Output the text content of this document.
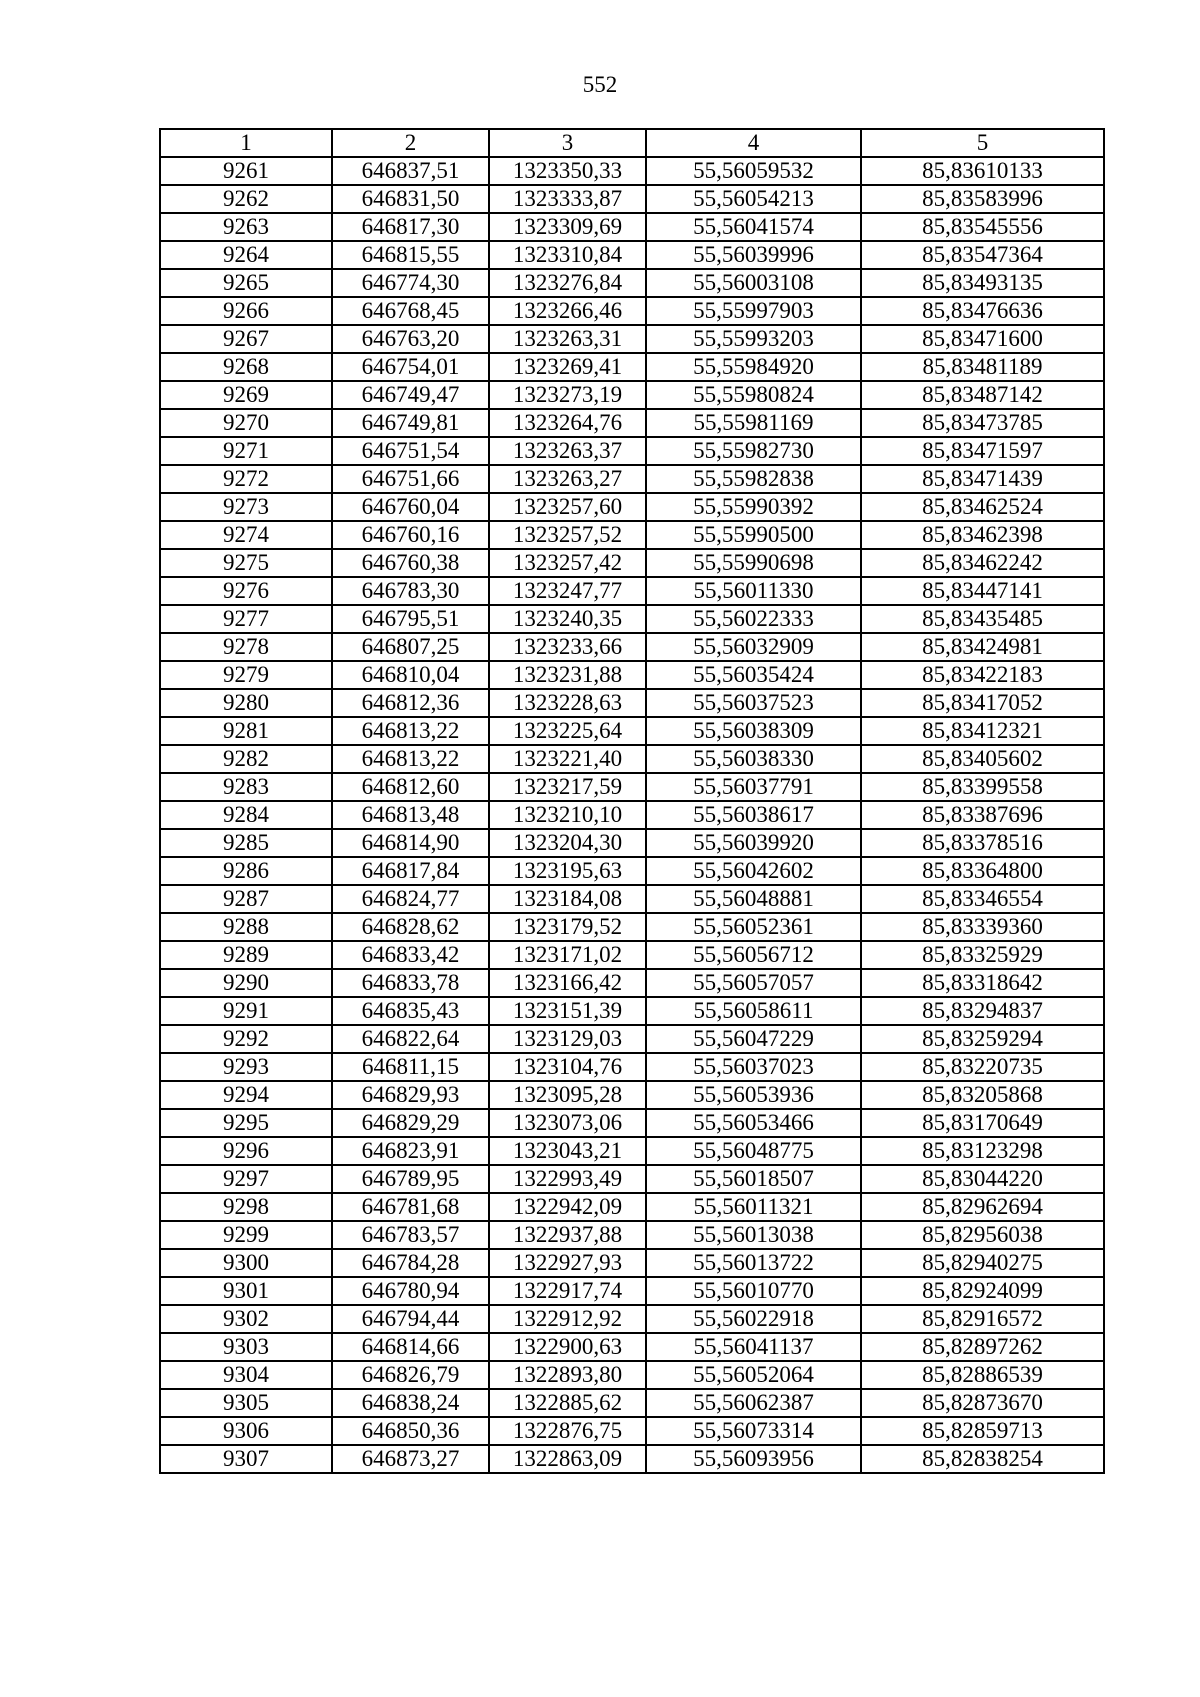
552
1	2	3	4	5
9261	646837,51	1323350,33	55,56059532	85,83610133
9262	646831,50	1323333,87	55,56054213	85,83583996
9263	646817,30	1323309,69	55,56041574	85,83545556
9264	646815,55	1323310,84	55,56039996	85,83547364
9265	646774,30	1323276,84	55,56003108	85,83493135
9266	646768,45	1323266,46	55,55997903	85,83476636
9267	646763,20	1323263,31	55,55993203	85,83471600
9268	646754,01	1323269,41	55,55984920	85,83481189
9269	646749,47	1323273,19	55,55980824	85,83487142
9270	646749,81	1323264,76	55,55981169	85,83473785
9271	646751,54	1323263,37	55,55982730	85,83471597
9272	646751,66	1323263,27	55,55982838	85,83471439
9273	646760,04	1323257,60	55,55990392	85,83462524
9274	646760,16	1323257,52	55,55990500	85,83462398
9275	646760,38	1323257,42	55,55990698	85,83462242
9276	646783,30	1323247,77	55,56011330	85,83447141
9277	646795,51	1323240,35	55,56022333	85,83435485
9278	646807,25	1323233,66	55,56032909	85,83424981
9279	646810,04	1323231,88	55,56035424	85,83422183
9280	646812,36	1323228,63	55,56037523	85,83417052
9281	646813,22	1323225,64	55,56038309	85,83412321
9282	646813,22	1323221,40	55,56038330	85,83405602
9283	646812,60	1323217,59	55,56037791	85,83399558
9284	646813,48	1323210,10	55,56038617	85,83387696
9285	646814,90	1323204,30	55,56039920	85,83378516
9286	646817,84	1323195,63	55,56042602	85,83364800
9287	646824,77	1323184,08	55,56048881	85,83346554
9288	646828,62	1323179,52	55,56052361	85,83339360
9289	646833,42	1323171,02	55,56056712	85,83325929
9290	646833,78	1323166,42	55,56057057	85,83318642
9291	646835,43	1323151,39	55,56058611	85,83294837
9292	646822,64	1323129,03	55,56047229	85,83259294
9293	646811,15	1323104,76	55,56037023	85,83220735
9294	646829,93	1323095,28	55,56053936	85,83205868
9295	646829,29	1323073,06	55,56053466	85,83170649
9296	646823,91	1323043,21	55,56048775	85,83123298
9297	646789,95	1322993,49	55,56018507	85,83044220
9298	646781,68	1322942,09	55,56011321	85,82962694
9299	646783,57	1322937,88	55,56013038	85,82956038
9300	646784,28	1322927,93	55,56013722	85,82940275
9301	646780,94	1322917,74	55,56010770	85,82924099
9302	646794,44	1322912,92	55,56022918	85,82916572
9303	646814,66	1322900,63	55,56041137	85,82897262
9304	646826,79	1322893,80	55,56052064	85,82886539
9305	646838,24	1322885,62	55,56062387	85,82873670
9306	646850,36	1322876,75	55,56073314	85,82859713
9307	646873,27	1322863,09	55,56093956	85,82838254
